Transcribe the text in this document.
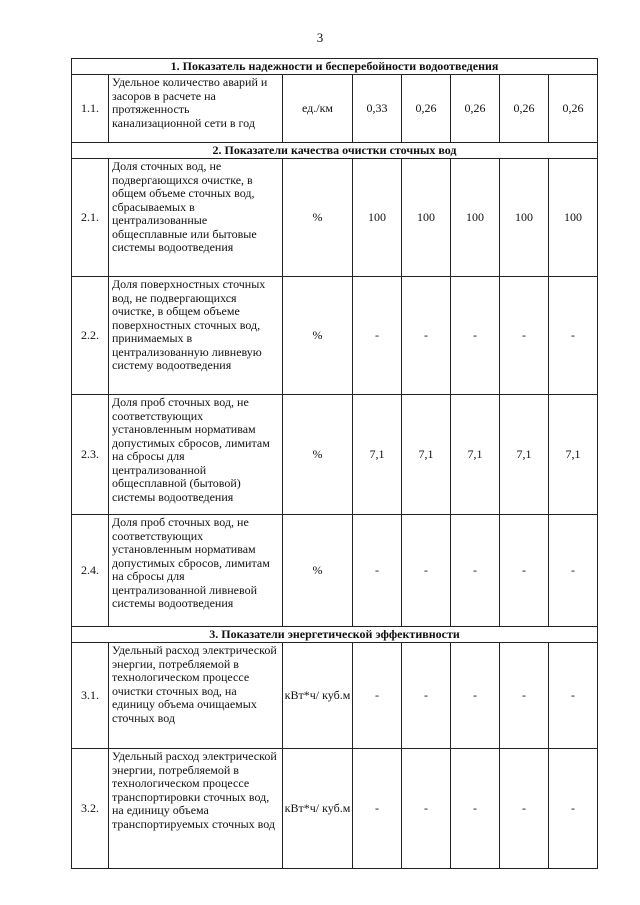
3
1. Показатель надежности и бесперебойности водоотведения							
1.1.	Удельное количество аварий и засоров в расчете на протяженность канализационной сети в год	ед./км	0,33	0,26	0,26	0,26	0,26
2. Показатели качества очистки сточных вод							
2.1.	Доля сточных вод, не подвергающихся очистке, в общем объеме сточных вод, сбрасываемых в централизованные общесплавные или бытовые системы водоотведения	%	100	100	100	100	100
2.2.	Доля поверхностных сточных вод, не подвергающихся очистке, в общем объеме поверхностных сточных вод, принимаемых в централизованную ливневую систему водоотведения	%	-	-	-	-	-
2.3.	Доля проб сточных вод, не соответствующих установленным нормативам допустимых сбросов, лимитам на сбросы для централизованной общесплавной (бытовой) системы водоотведения	%	7,1	7,1	7,1	7,1	7,1
2.4.	Доля проб сточных вод, не соответствующих установленным нормативам допустимых сбросов, лимитам на сбросы для централизованной ливневой системы водоотведения	%	-	-	-	-	-
3. Показатели энергетической эффективности							
3.1.	Удельный расход электрической энергии, потребляемой в технологическом процессе очистки сточных вод, на единицу объема очищаемых сточных вод	кВт*ч/ куб.м	-	-	-	-	-
3.2.	Удельный расход электрической энергии, потребляемой в технологическом процессе транспортировки сточных вод, на единицу объема транспортируемых сточных вод	кВт*ч/ куб.м	-	-	-	-	-
